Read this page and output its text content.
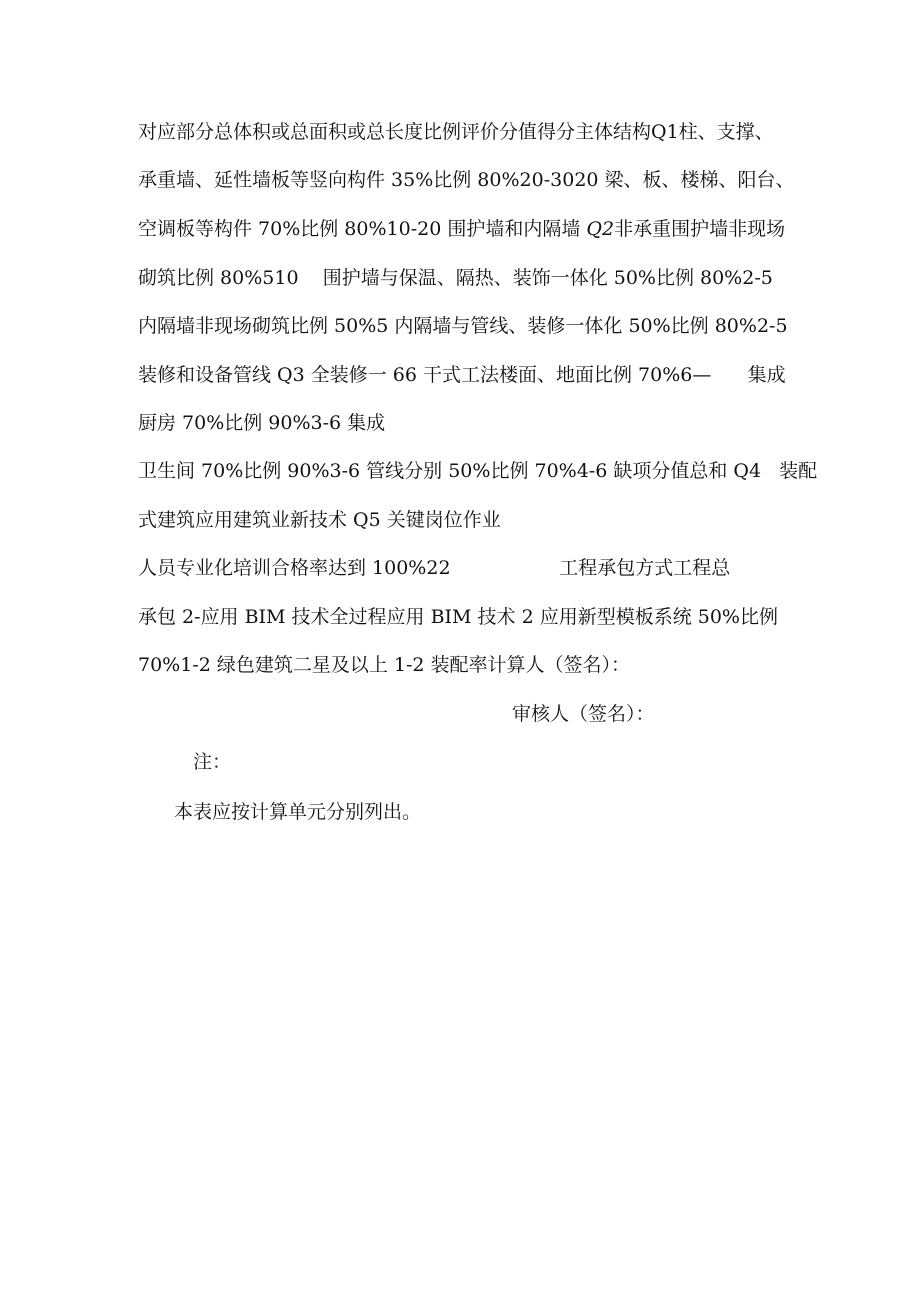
对应部分总体积或总面积或总长度比例评价分值得分主体结构Q1柱、支撑、
承重墙、延性墙板等竖向构件 35%比例 80%20-3020 梁、板、楼梯、阳台、
空调板等构件 70%比例 80%10-20 围护墙和内隔墙 Q2非承重围护墙非现场
砌筑比例 80%510    围护墙与保温、隔热、装饰一体化 50%比例 80%2-5
内隔墙非现场砌筑比例 50%5 内隔墙与管线、装修一体化 50%比例 80%2-5
装修和设备管线 Q3 全装修一 66 干式工法楼面、地面比例 70%6—      集成
厨房 70%比例 90%3-6 集成
卫生间 70%比例 90%3-6 管线分别 50%比例 70%4-6 缺项分值总和 Q4   装配
式建筑应用建筑业新技术 Q5 关键岗位作业
人员专业化培训合格率达到 100%22                  工程承包方式工程总
承包 2-应用 BIM 技术全过程应用 BIM 技术 2 应用新型模板系统 50%比例
70%1-2 绿色建筑二星及以上 1-2 装配率计算人（签名）：
审核人（签名）：
注：
本表应按计算单元分别列出。
